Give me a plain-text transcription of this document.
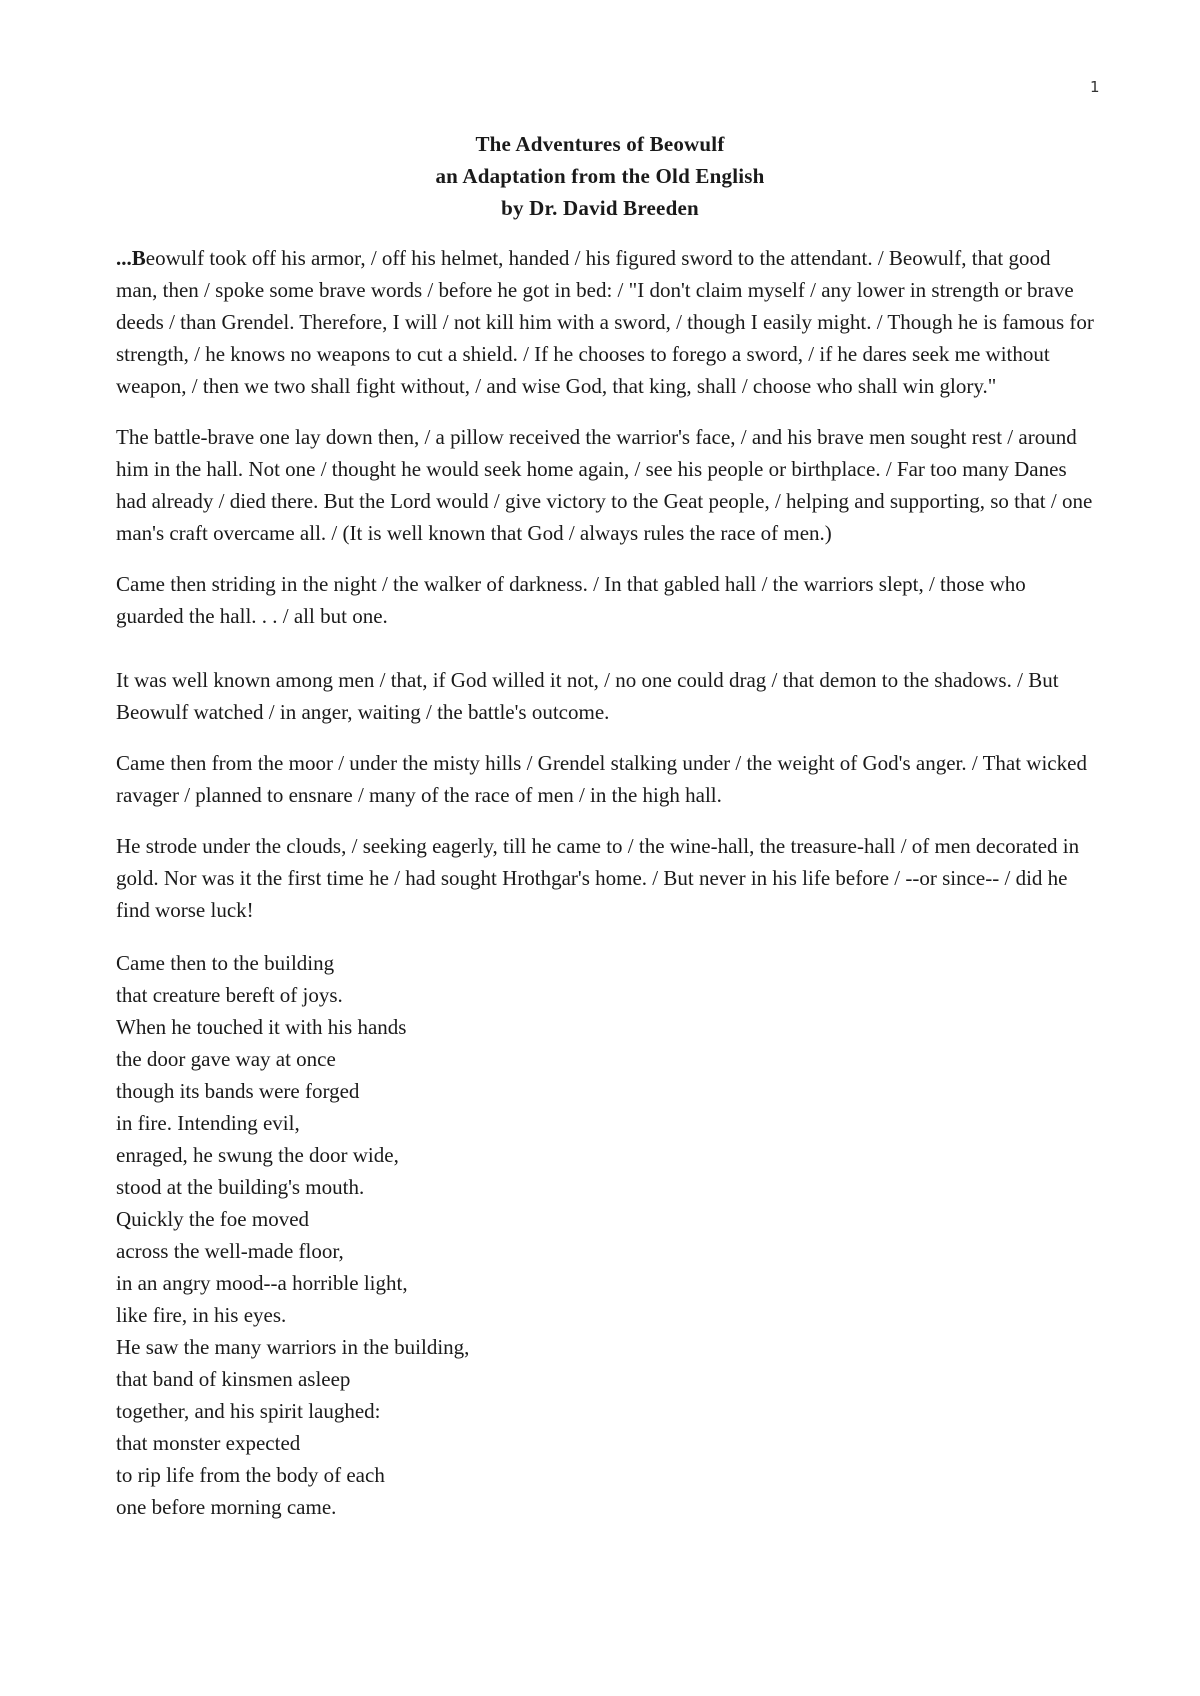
1
The Adventures of Beowulf
an Adaptation from the Old English
by Dr. David Breeden

...Beowulf took off his armor, / off his helmet, handed / his figured sword to the attendant. / Beowulf, that good man, then / spoke some brave words / before he got in bed: / "I don't claim myself / any lower in strength or brave deeds / than Grendel. Therefore, I will / not kill him with a sword, / though I easily might. / Though he is famous for strength, / he knows no weapons to cut a shield. / If he chooses to forego a sword, / if he dares seek me without weapon, / then we two shall fight without, / and wise God, that king, shall / choose who shall win glory."

The battle-brave one lay down then, / a pillow received the warrior's face, / and his brave men sought rest / around him in the hall. Not one / thought he would seek home again, / see his people or birthplace. / Far too many Danes had already / died there. But the Lord would / give victory to the Geat people, / helping and supporting, so that / one man's craft overcame all. / (It is well known that God / always rules the race of men.)

Came then striding in the night / the walker of darkness. / In that gabled hall / the warriors slept, / those who guarded the hall. . . / all but one.

It was well known among men / that, if God willed it not, / no one could drag / that demon to the shadows. / But Beowulf watched / in anger, waiting / the battle's outcome.

Came then from the moor / under the misty hills / Grendel stalking under / the weight of God's anger. / That wicked ravager / planned to ensnare / many of the race of men / in the high hall.

He strode under the clouds, / seeking eagerly, till he came to / the wine-hall, the treasure-hall / of men decorated in gold. Nor was it the first time he / had sought Hrothgar's home. / But never in his life before / --or since-- / did he find worse luck!

Came then to the building
that creature bereft of joys.
When he touched it with his hands
the door gave way at once
though its bands were forged
in fire. Intending evil,
enraged, he swung the door wide,
stood at the building's mouth.
Quickly the foe moved
across the well-made floor,
in an angry mood--a horrible light,
like fire, in his eyes.
He saw the many warriors in the building,
that band of kinsmen asleep
together, and his spirit laughed:
that monster expected
to rip life from the body of each
one before morning came.
